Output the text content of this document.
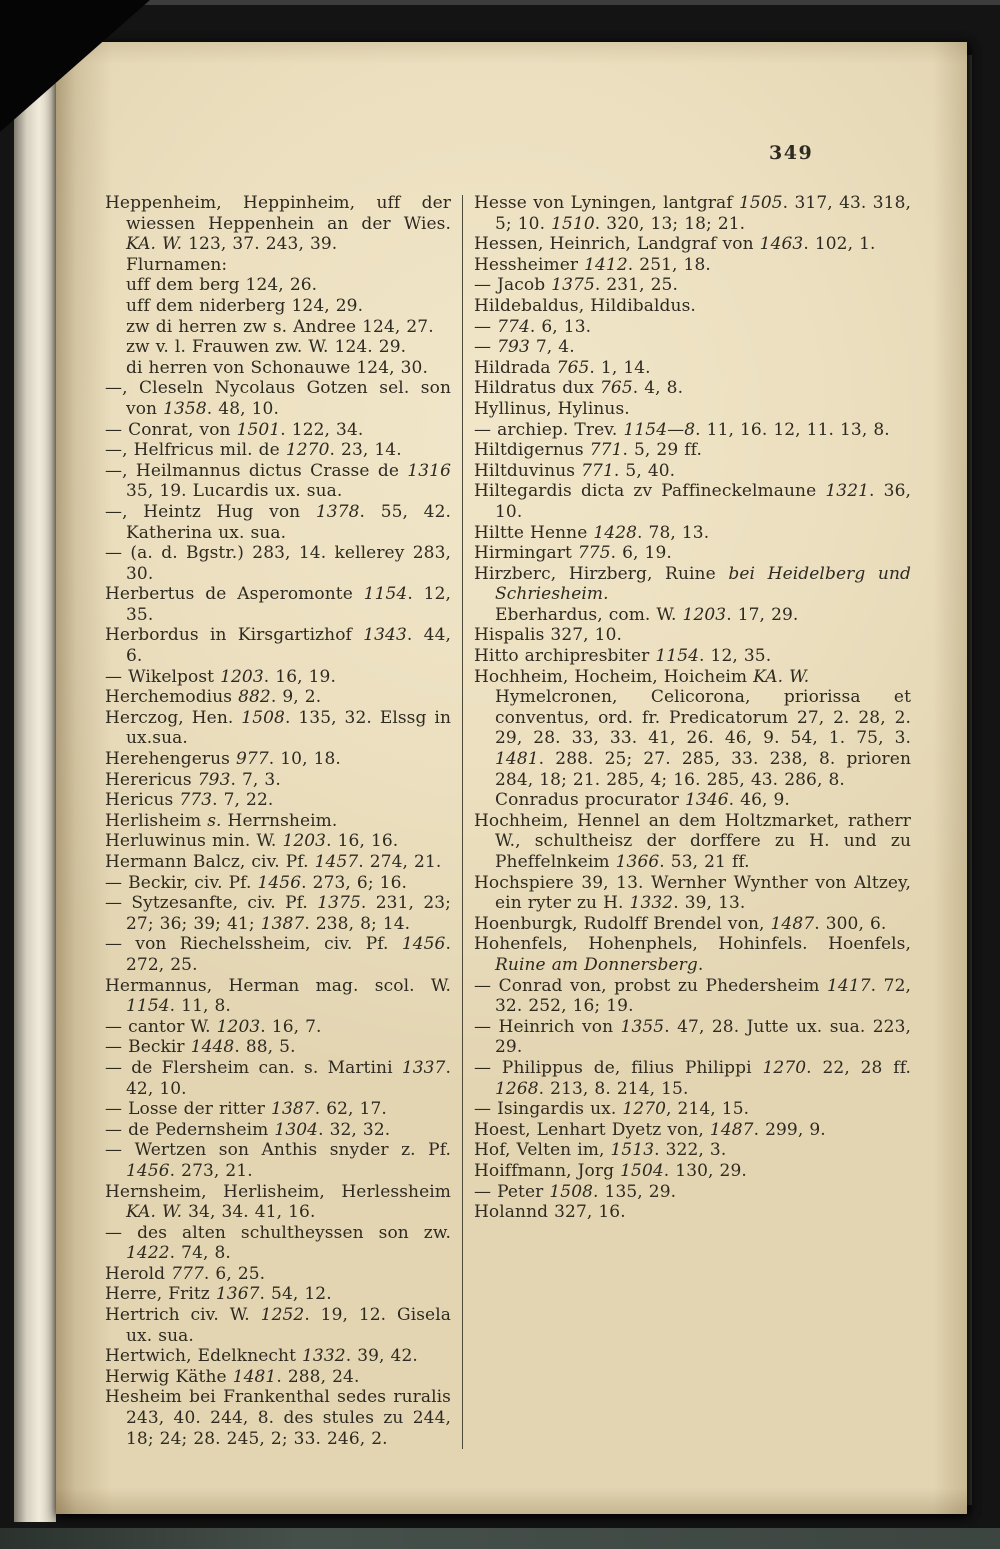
349

Heppenheim, Heppinheim, uff der wiessen Heppenhein an der Wies. KA. W. 123, 37. 243, 39.

Flurnamen:

uff dem berg 124, 26.

uff dem niderberg 124, 29.

zw di herren zw s. Andree 124, 27.

zw v. l. Frauwen zw. W. 124. 29.

di herren von Schonauwe 124, 30.

—, Cleseln Nycolaus Gotzen sel. son von 1358. 48, 10.

— Conrat, von 1501. 122, 34.

—, Helfricus mil. de 1270. 23, 14.

—, Heilmannus dictus Crasse de 1316 35, 19. Lucardis ux. sua.

—, Heintz Hug von 1378. 55, 42. Katherina ux. sua.

— (a. d. Bgstr.) 283, 14. kellerey 283, 30.

Herbertus de Asperomonte 1154. 12, 35.

Herbordus in Kirsgartizhof 1343. 44, 6.

— Wikelpost 1203. 16, 19.

Herchemodius 882. 9, 2.

Herczog, Hen. 1508. 135, 32. Elssg in ux.sua.

Herehengerus 977. 10, 18.

Herericus 793. 7, 3.

Hericus 773. 7, 22.

Herlisheim s. Herrnsheim.

Herluwinus min. W. 1203. 16, 16.

Hermann Balcz, civ. Pf. 1457. 274, 21.

— Beckir, civ. Pf. 1456. 273, 6; 16.

— Sytzesanfte, civ. Pf. 1375. 231, 23; 27; 36; 39; 41; 1387. 238, 8; 14.

— von Riechelssheim, civ. Pf. 1456. 272, 25.

Hermannus, Herman mag. scol. W. 1154. 11, 8.

— cantor W. 1203. 16, 7.

— Beckir 1448. 88, 5.

— de Flersheim can. s. Martini 1337. 42, 10.

— Losse der ritter 1387. 62, 17.

— de Pedernsheim 1304. 32, 32.

— Wertzen son Anthis snyder z. Pf. 1456. 273, 21.

Hernsheim, Herlisheim, Herlessheim KA. W. 34, 34. 41, 16.

— des alten schultheyssen son zw. 1422. 74, 8.

Herold 777. 6, 25.

Herre, Fritz 1367. 54, 12.

Hertrich civ. W. 1252. 19, 12. Gisela ux. sua.

Hertwich, Edelknecht 1332. 39, 42.

Herwig Käthe 1481. 288, 24.

Hesheim bei Frankenthal sedes ruralis 243, 40. 244, 8. des stules zu 244, 18; 24; 28. 245, 2; 33. 246, 2.

Hesse von Lyningen, lantgraf 1505. 317, 43. 318, 5; 10. 1510. 320, 13; 18; 21.

Hessen, Heinrich, Landgraf von 1463. 102, 1.

Hessheimer 1412. 251, 18.

— Jacob 1375. 231, 25.

Hildebaldus, Hildibaldus.

— 774. 6, 13.

— 793 7, 4.

Hildrada 765. 1, 14.

Hildratus dux 765. 4, 8.

Hyllinus, Hylinus.

— archiep. Trev. 1154—8. 11, 16. 12, 11. 13, 8.

Hiltdigernus 771. 5, 29 ff.

Hiltduvinus 771. 5, 40.

Hiltegardis dicta zv Paffineckelmaune 1321. 36, 10.

Hiltte Henne 1428. 78, 13.

Hirmingart 775. 6, 19.

Hirzberc, Hirzberg, Ruine bei Heidelberg und Schriesheim.

Eberhardus, com. W. 1203. 17, 29.

Hispalis 327, 10.

Hitto archipresbiter 1154. 12, 35.

Hochheim, Hocheim, Hoicheim KA. W.

Hymelcronen, Celicorona, priorissa et conventus, ord. fr. Predicatorum 27, 2. 28, 2. 29, 28. 33, 33. 41, 26. 46, 9. 54, 1. 75, 3. 1481. 288. 25; 27. 285, 33. 238, 8. prioren 284, 18; 21. 285, 4; 16. 285, 43. 286, 8.

Conradus procurator 1346. 46, 9.

Hochheim, Hennel an dem Holtzmarket, ratherr W., schultheisz der dorffere zu H. und zu Pheffelnkeim 1366. 53, 21 ff.

Hochspiere 39, 13. Wernher Wynther von Altzey, ein ryter zu H. 1332. 39, 13.

Hoenburgk, Rudolff Brendel von, 1487. 300, 6.

Hohenfels, Hohenphels, Hohinfels. Hoenfels, Ruine am Donnersberg.

— Conrad von, probst zu Phedersheim 1417. 72, 32. 252, 16; 19.

— Heinrich von 1355. 47, 28. Jutte ux. sua. 223, 29.

— Philippus de, filius Philippi 1270. 22, 28 ff. 1268. 213, 8. 214, 15.

— Isingardis ux. 1270, 214, 15.

Hoest, Lenhart Dyetz von, 1487. 299, 9.

Hof, Velten im, 1513. 322, 3.

Hoiffmann, Jorg 1504. 130, 29.

— Peter 1508. 135, 29.

Holannd 327, 16.
